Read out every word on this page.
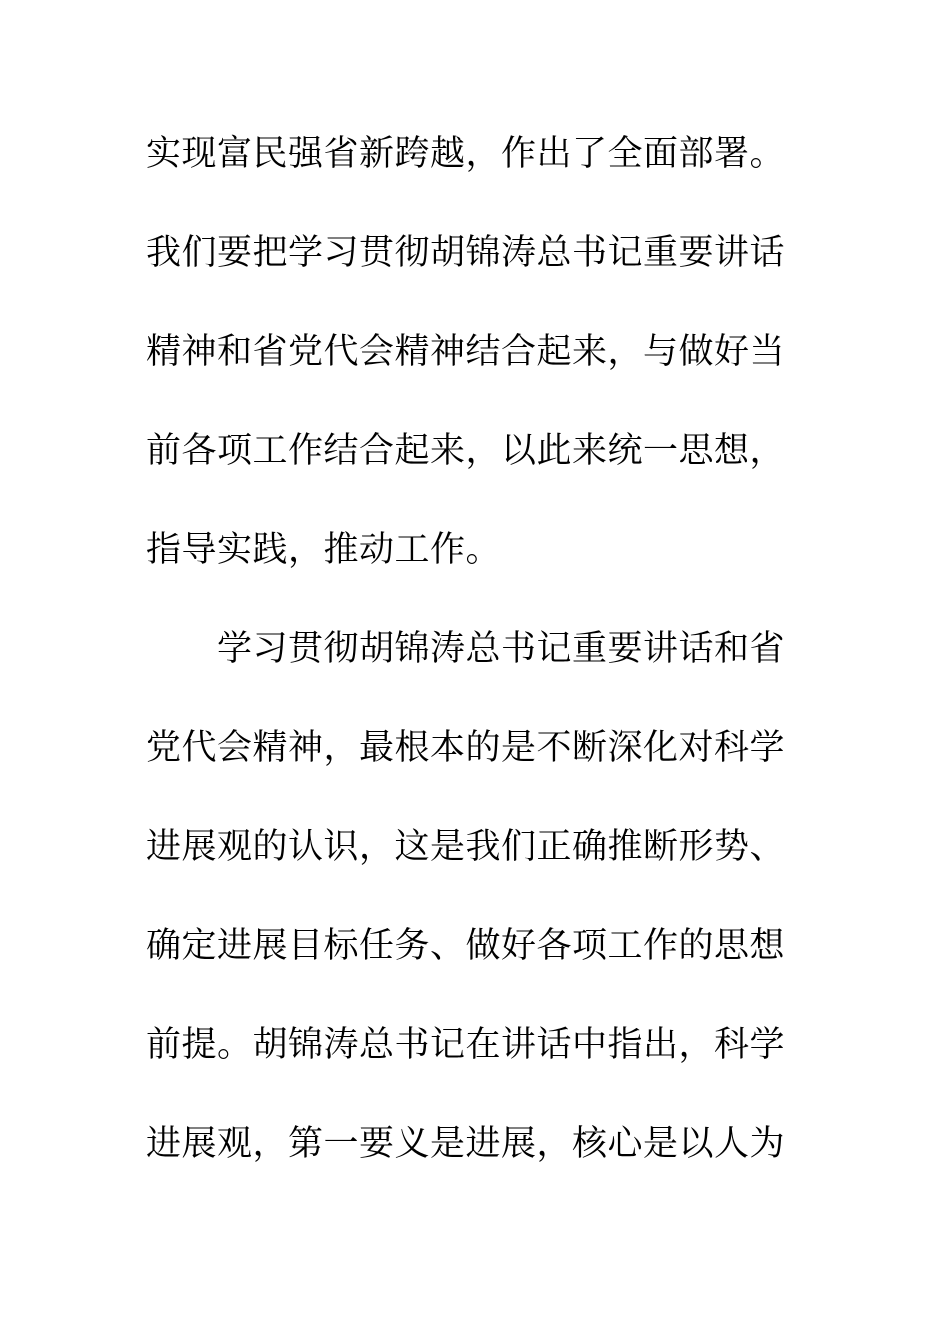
实现富民强省新跨越，作出了全面部署。
我们要把学习贯彻胡锦涛总书记重要讲话
精神和省党代会精神结合起来，与做好当
前各项工作结合起来，以此来统一思想，
指导实践，推动工作。
　　学习贯彻胡锦涛总书记重要讲话和省
党代会精神，最根本的是不断深化对科学
进展观的认识，这是我们正确推断形势、
确定进展目标任务、做好各项工作的思想
前提。胡锦涛总书记在讲话中指出，科学
进展观，第一要义是进展，核心是以人为
